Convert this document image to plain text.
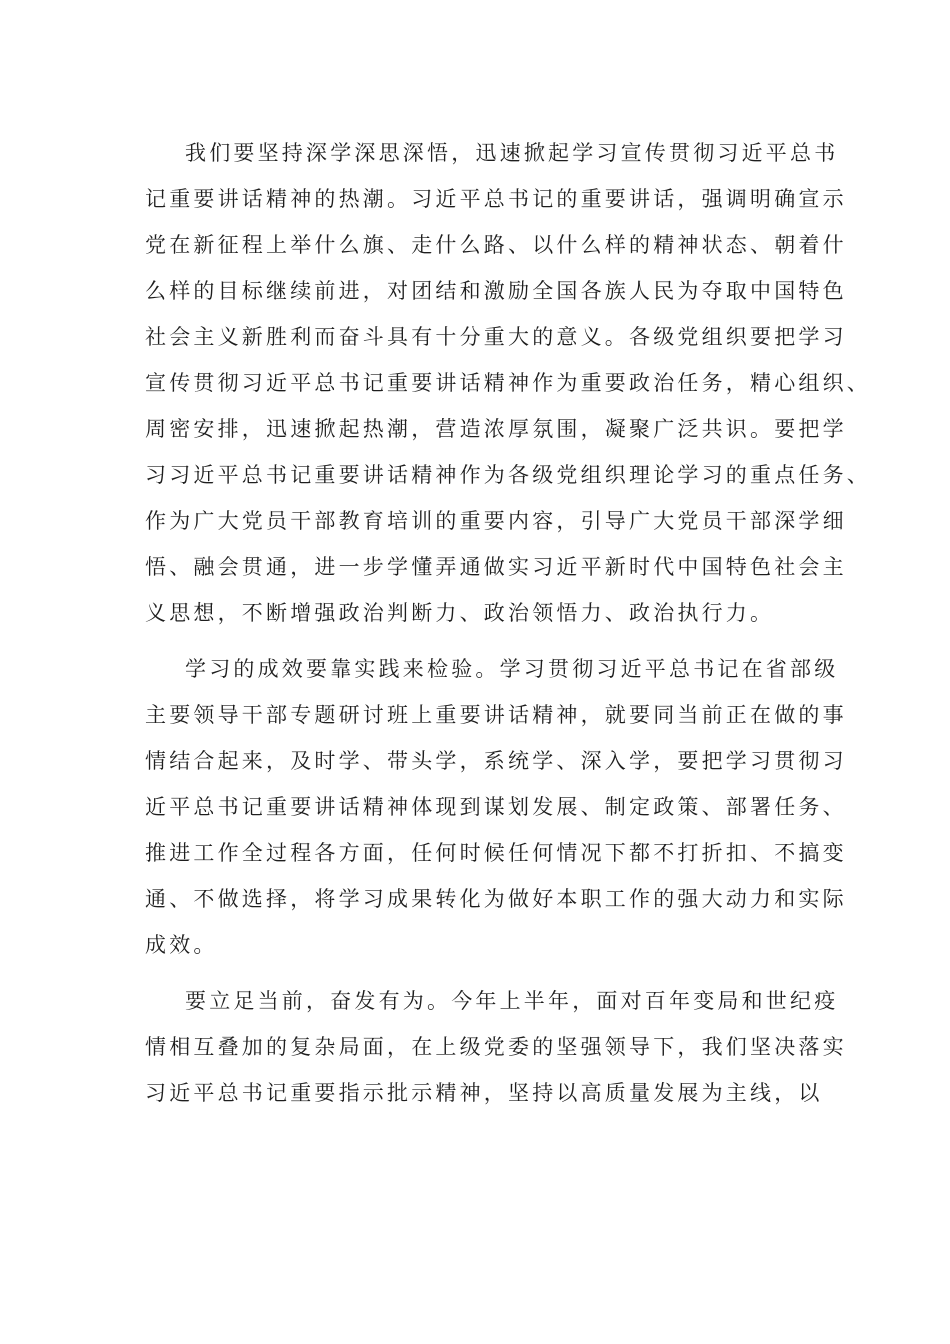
我们要坚持深学深思深悟，迅速掀起学习宣传贯彻习近平总书
记重要讲话精神的热潮。习近平总书记的重要讲话，强调明确宣示
党在新征程上举什么旗、走什么路、以什么样的精神状态、朝着什
么样的目标继续前进，对团结和激励全国各族人民为夺取中国特色
社会主义新胜利而奋斗具有十分重大的意义。各级党组织要把学习
宣传贯彻习近平总书记重要讲话精神作为重要政治任务，精心组织、
周密安排，迅速掀起热潮，营造浓厚氛围，凝聚广泛共识。要把学
习习近平总书记重要讲话精神作为各级党组织理论学习的重点任务、
作为广大党员干部教育培训的重要内容，引导广大党员干部深学细
悟、融会贯通，进一步学懂弄通做实习近平新时代中国特色社会主
义思想，不断增强政治判断力、政治领悟力、政治执行力。
学习的成效要靠实践来检验。学习贯彻习近平总书记在省部级
主要领导干部专题研讨班上重要讲话精神，就要同当前正在做的事
情结合起来，及时学、带头学，系统学、深入学，要把学习贯彻习
近平总书记重要讲话精神体现到谋划发展、制定政策、部署任务、
推进工作全过程各方面，任何时候任何情况下都不打折扣、不搞变
通、不做选择，将学习成果转化为做好本职工作的强大动力和实际
成效。
要立足当前，奋发有为。今年上半年，面对百年变局和世纪疫
情相互叠加的复杂局面，在上级党委的坚强领导下，我们坚决落实
习近平总书记重要指示批示精神，坚持以高质量发展为主线，以
